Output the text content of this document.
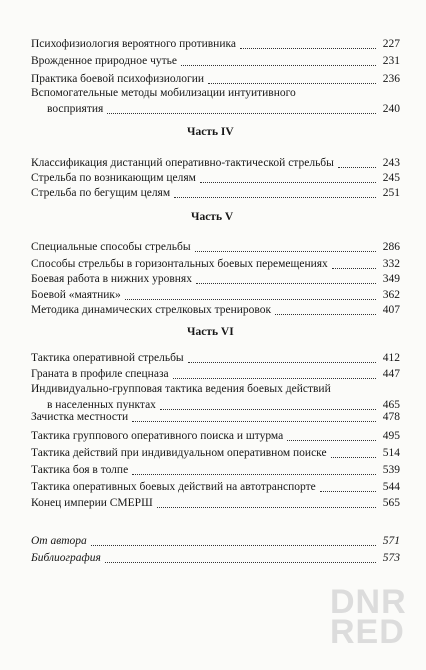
Психофизиология вероятного противника	227
Врожденное природное чутье	231
Практика боевой психофизиологии	236
Вспомогательные методы мобилизации интуитивного
восприятия	240
Часть IV
Классификация дистанций оперативно-тактической стрельбы	243
Стрельба по возникающим целям	245
Стрельба по бегущим целям	251
Часть V
Специальные способы стрельбы	286
Способы стрельбы в горизонтальных боевых перемещениях	332
Боевая работа в нижних уровнях	349
Боевой «маятник»	362
Методика динамических стрелковых тренировок	407
Часть VI
Тактика оперативной стрельбы	412
Граната в профиле спецназа	447
Индивидуально-групповая тактика ведения боевых действий
в населенных пунктах	465
Зачистка местности	478
Тактика группового оперативного поиска и штурма	495
Тактика действий при индивидуальном оперативном поиске	514
Тактика боя в толпе	539
Тактика оперативных боевых действий на автотранспорте	544
Конец империи СМЕРШ	565
От автора	571
Библиография	573
DNR
RED
